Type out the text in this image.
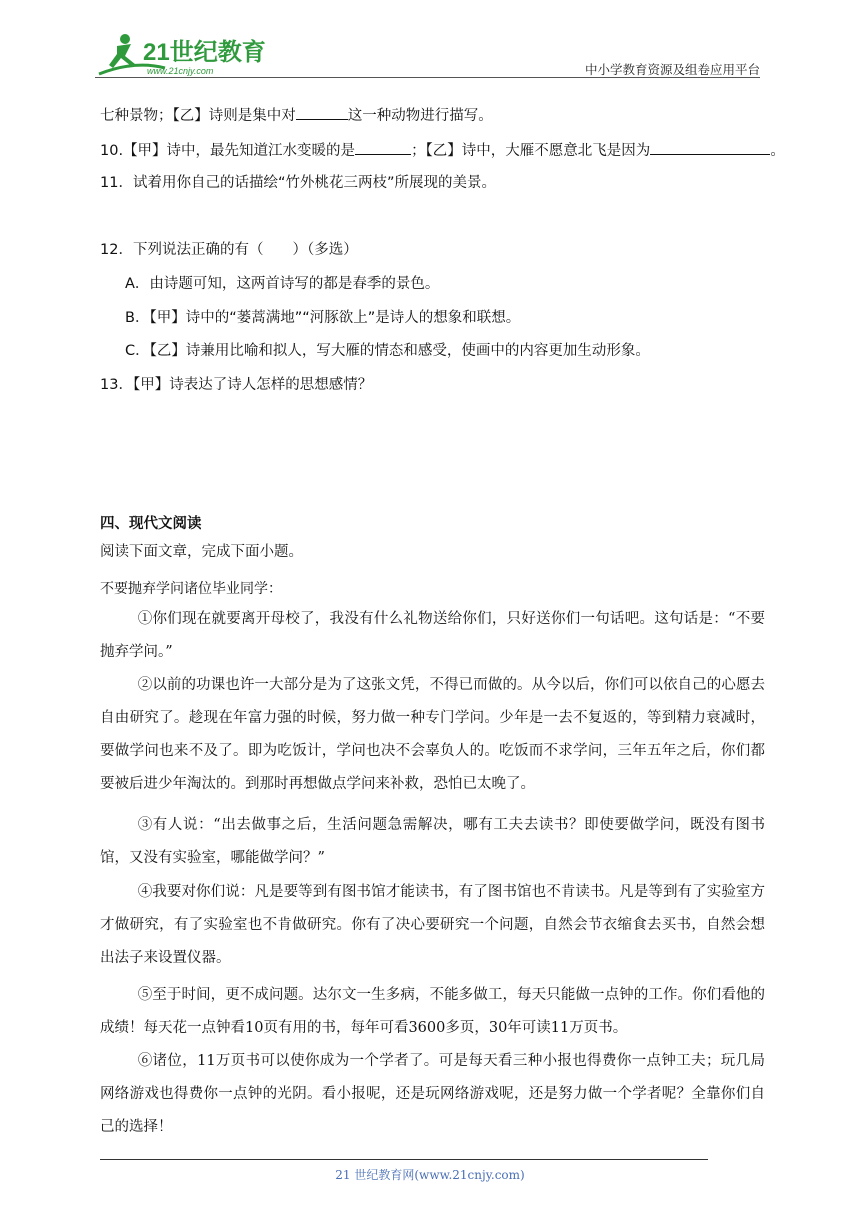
21世纪教育
www.21cnjy.com	中小学教育资源及组卷应用平台
七种景物；【乙】诗则是集中对	这一种动物进行描写。
10.【甲】诗中，最先知道江水变暖的是	；【乙】诗中，大雁不愿意北飞是因为	。
11．试着用你自己的话描绘“竹外桃花三两枝”所展现的美景。
12．下列说法正确的有（　　）（多选）
A．由诗题可知，这两首诗写的都是春季的景色。
B．【甲】诗中的“蒌蒿满地”“河豚欲上”是诗人的想象和联想。
C．【乙】诗兼用比喻和拟人，写大雁的情态和感受，使画中的内容更加生动形象。
13．【甲】诗表达了诗人怎样的思想感情？
四、现代文阅读
阅读下面文章，完成下面小题。
不要抛弃学问诸位毕业同学：
①你们现在就要离开母校了，我没有什么礼物送给你们，只好送你们一句话吧。这句话是：“不要抛弃学问。”
②以前的功课也许一大部分是为了这张文凭，不得已而做的。从今以后，你们可以依自己的心愿去自由研究了。趁现在年富力强的时候，努力做一种专门学问。少年是一去不复返的，等到精力衰减时，要做学问也来不及了。即为吃饭计，学问也决不会辜负人的。吃饭而不求学问，三年五年之后，你们都要被后进少年淘汰的。到那时再想做点学问来补救，恐怕已太晚了。
③有人说：“出去做事之后，生活问题急需解决，哪有工夫去读书？即使要做学问，既没有图书馆，又没有实验室，哪能做学问？”
④我要对你们说：凡是要等到有图书馆才能读书，有了图书馆也不肯读书。凡是等到有了实验室方才做研究，有了实验室也不肯做研究。你有了决心要研究一个问题，自然会节衣缩食去买书，自然会想出法子来设置仪器。
⑤至于时间，更不成问题。达尔文一生多病，不能多做工，每天只能做一点钟的工作。你们看他的成绩！每天花一点钟看10页有用的书，每年可看3600多页，30年可读11万页书。
⑥诸位，11万页书可以使你成为一个学者了。可是每天看三种小报也得费你一点钟工夫；玩几局网络游戏也得费你一点钟的光阴。看小报呢，还是玩网络游戏呢，还是努力做一个学者呢？全靠你们自己的选择！
21 世纪教育网(www.21cnjy.com)
